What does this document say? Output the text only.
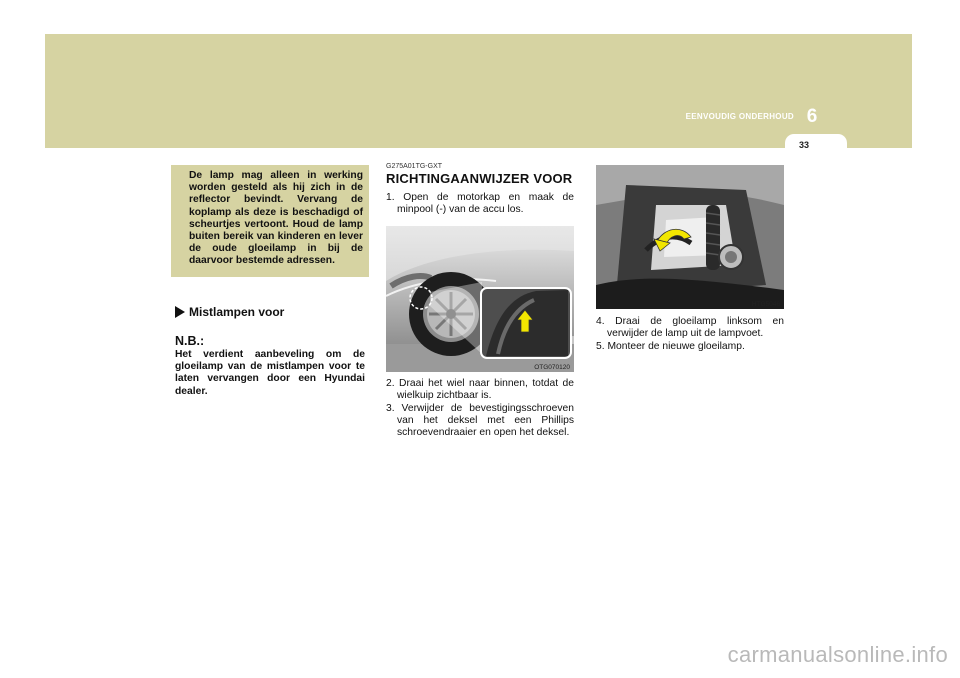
EENVOUDIG ONDERHOUD 6
33
De lamp mag alleen in werking worden gesteld als hij zich in de reflector bevindt. Vervang de koplamp als deze is beschadigd of scheurtjes vertoont. Houd de lamp buiten bereik van kinderen en lever de oude gloeilamp in bij de daarvoor bestemde adressen.
Mistlampen voor
N.B.:
Het verdient aanbeveling om de gloeilamp van de mistlampen voor te laten vervangen door een Hyundai dealer.
G275A01TG-GXT
RICHTINGAANWIJZER VOOR
1. Open de motorkap en maak de minpool (-) van de accu los.
OTG070120
2. Draai het wiel naar binnen, totdat de wielkuip zichtbaar is.
3. Verwijder de bevestigingsschroeven van het deksel met een Phillips schroevendraaier en open het deksel.
HTG5046
4. Draai de gloeilamp linksom en verwijder de lamp uit de lampvoet.
5. Monteer de nieuwe gloeilamp.
carmanualsonline.info
